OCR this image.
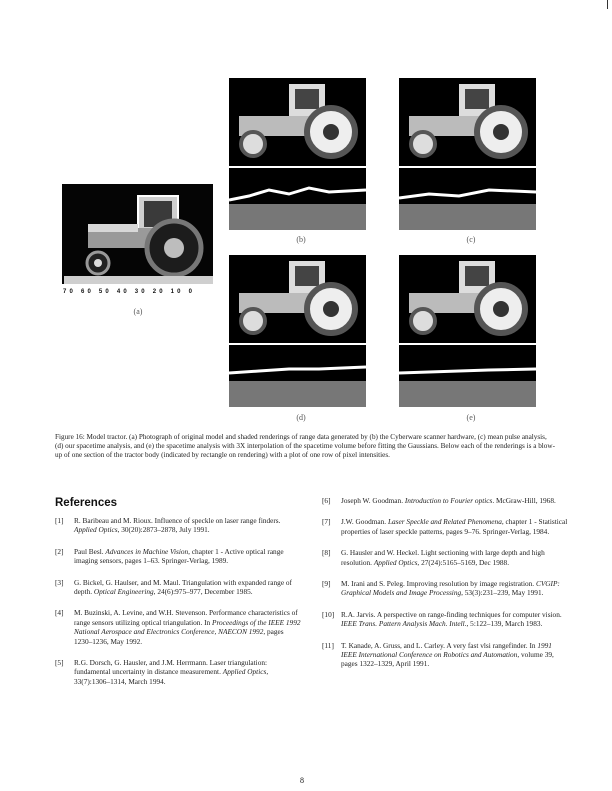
70 60 50 40 30 20 10 0
(a)
(b)	(c)
(d)	(e)
Figure 16: Model tractor. (a) Photograph of original model and shaded renderings of range data generated by (b) the Cyberware scanner hardware, (c) mean pulse analysis, (d) our spacetime analysis, and (e) the spacetime analysis with 3X interpolation of the spacetime volume before fitting the Gaussians. Below each of the renderings is a blow-up of one section of the tractor body (indicated by rectangle on rendering) with a plot of one row of pixel intensities.
References
[1] R. Baribeau and M. Rioux. Influence of speckle on laser range finders. Applied Optics, 30(20):2873–2878, July 1991.
[2] Paul Besl. Advances in Machine Vision, chapter 1 - Active optical range imaging sensors, pages 1–63. Springer-Verlag, 1989.
[3] G. Bickel, G. Haulser, and M. Maul. Triangulation with expanded range of depth. Optical Engineering, 24(6):975–977, December 1985.
[4] M. Buzinski, A. Levine, and W.H. Stevenson. Performance characteristics of range sensors utilizing optical triangulation. In Proceedings of the IEEE 1992 National Aerospace and Electronics Conference, NAECON 1992, pages 1230–1236, May 1992.
[5] R.G. Dorsch, G. Hausler, and J.M. Herrmann. Laser triangulation: fundamental uncertainty in distance measurement. Applied Optics, 33(7):1306–1314, March 1994.
[6] Joseph W. Goodman. Introduction to Fourier optics. McGraw-Hill, 1968.
[7] J.W. Goodman. Laser Speckle and Related Phenomena, chapter 1 - Statistical properties of laser speckle patterns, pages 9–76. Springer-Verlag, 1984.
[8] G. Hausler and W. Heckel. Light sectioning with large depth and high resolution. Applied Optics, 27(24):5165–5169, Dec 1988.
[9] M. Irani and S. Peleg. Improving resolution by image registration. CVGIP: Graphical Models and Image Processing, 53(3):231–239, May 1991.
[10] R.A. Jarvis. A perspective on range-finding techniques for computer vision. IEEE Trans. Pattern Analysis Mach. Intell., 5:122–139, March 1983.
[11] T. Kanade, A. Gruss, and L. Carley. A very fast vlsi rangefinder. In 1991 IEEE International Conference on Robotics and Automation, volume 39, pages 1322–1329, April 1991.
8
